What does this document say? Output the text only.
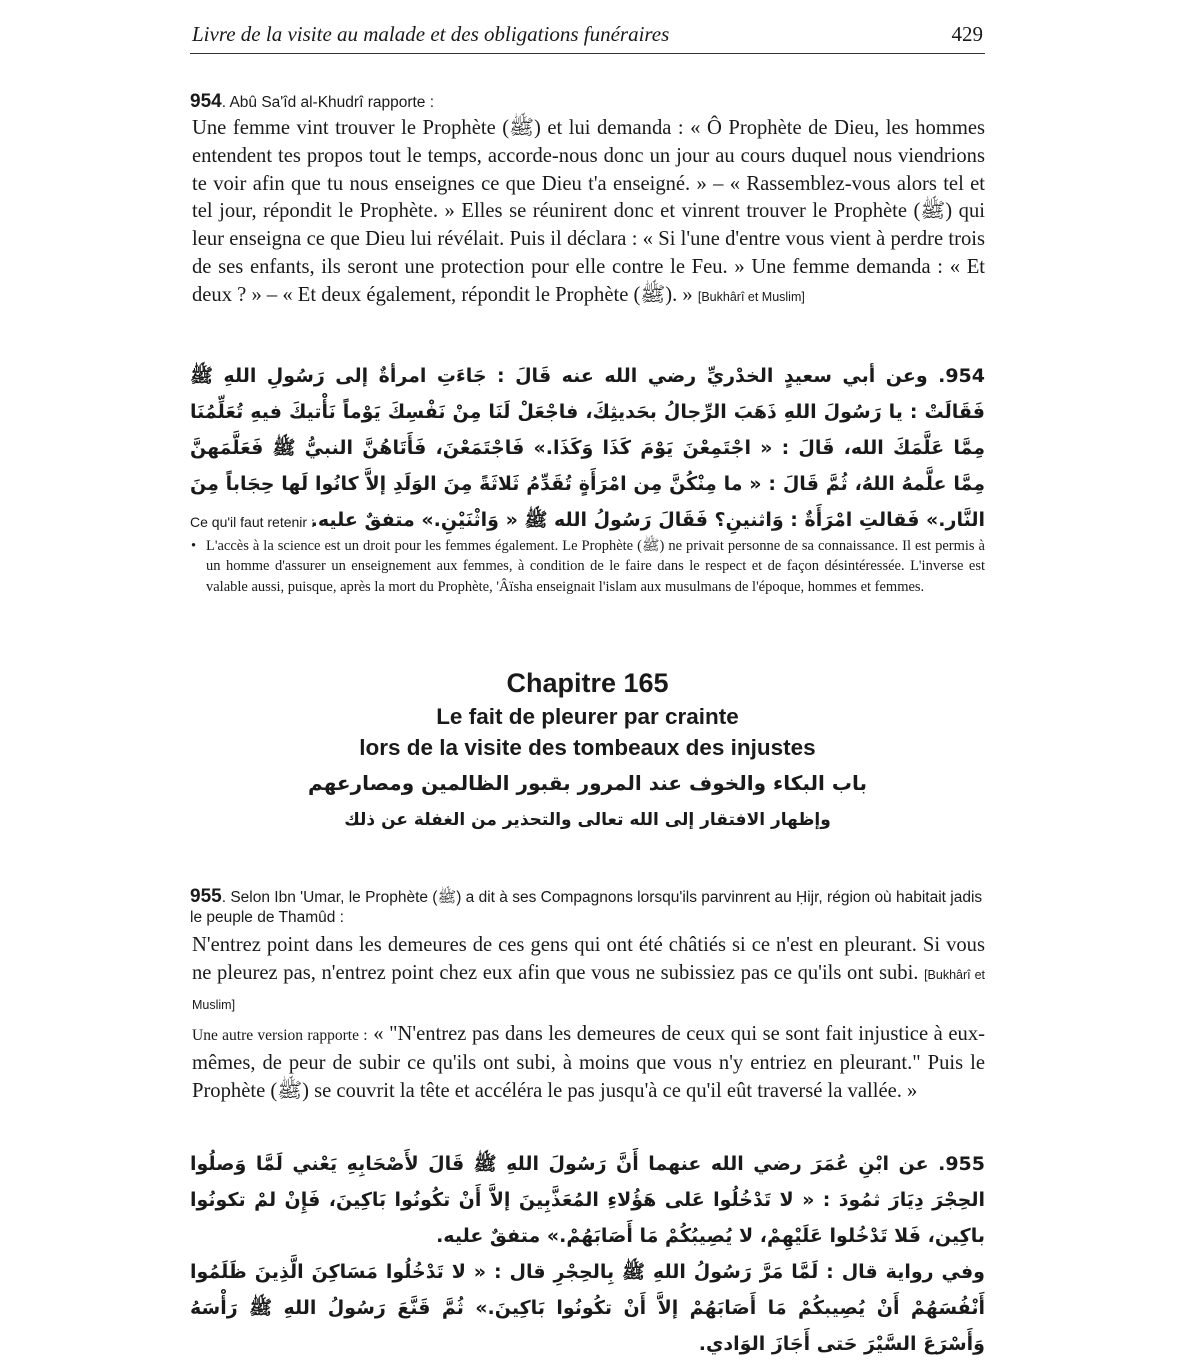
Livre de la visite au malade et des obligations funéraires	429
954. Abû Sa'îd al-Khudrî rapporte :
Une femme vint trouver le Prophète (ﷺ) et lui demanda : « Ô Prophète de Dieu, les hommes entendent tes propos tout le temps, accorde-nous donc un jour au cours duquel nous viendrions te voir afin que tu nous enseignes ce que Dieu t'a enseigné. » – « Rassemblez-vous alors tel et tel jour, répondit le Prophète. » Elles se réunirent donc et vinrent trouver le Prophète (ﷺ) qui leur enseigna ce que Dieu lui révélait. Puis il déclara : « Si l'une d'entre vous vient à perdre trois de ses enfants, ils seront une protection pour elle contre le Feu. » Une femme demanda : « Et deux ? » – « Et deux également, répondit le Prophète (ﷺ). » [Bukhârî et Muslim]
954. وعن أبي سعيدٍ الخدْريِّ رضي الله عنه قَالَ : جَاءَتِ امرأةٌ إلى رَسُولِ اللهِ ﷺ فَقَالَتْ : يا رَسُولَ اللهِ ذَهَبَ الرِّجالُ بحَديثِكَ، فاجْعَلْ لَنَا مِنْ نَفْسِكَ يَوْماً نَأْتيكَ فيهِ تُعَلِّمُنَا مِمَّا عَلَّمَكَ الله، قَالَ : « اجْتَمِعْنَ يَوْمَ كَذَا وَكَذَا.» فَاجْتَمَعْنَ، فَأَتَاهُنَّ النبيُّ ﷺ فَعَلَّمَهنَّ مِمَّا علَّمهُ اللهُ، ثُمَّ قَالَ : « ما مِنْكُنَّ مِن امْرَأَةٍ تُقَدِّمُ ثَلاثَةً مِنَ الوَلَدِ إلاَّ كانُوا لَها حِجَاباً مِنَ النَّار.» فَقالتِ امْرَأَةٌ : وَاثنينِ؟ فَقَالَ رَسُولُ الله ﷺ « وَاثْنَيْنِ.» متفقٌ عليه.
Ce qu'il faut retenir :
• L'accès à la science est un droit pour les femmes également. Le Prophète (ﷺ) ne privait personne de sa connaissance. Il est permis à un homme d'assurer un enseignement aux femmes, à condition de le faire dans le respect et de façon désintéressée. L'inverse est valable aussi, puisque, après la mort du Prophète, 'Âïsha enseignait l'islam aux musulmans de l'époque, hommes et femmes.
Chapitre 165
Le fait de pleurer par crainte
lors de la visite des tombeaux des injustes
باب البكاء والخوف عند المرور بقبور الظالمين ومصارعهم
وإظهار الافتقار إلى الله تعالى والتحذير من الغفلة عن ذلك
955. Selon Ibn 'Umar, le Prophète (ﷺ) a dit à ses Compagnons lorsqu'ils parvinrent au Ḥijr, région où habitait jadis le peuple de Thamûd :
N'entrez point dans les demeures de ces gens qui ont été châtiés si ce n'est en pleurant. Si vous ne pleurez pas, n'entrez point chez eux afin que vous ne subissiez pas ce qu'ils ont subi. [Bukhârî et Muslim]
Une autre version rapporte : « "N'entrez pas dans les demeures de ceux qui se sont fait injustice à eux-mêmes, de peur de subir ce qu'ils ont subi, à moins que vous n'y entriez en pleurant." Puis le Prophète (ﷺ) se couvrit la tête et accéléra le pas jusqu'à ce qu'il eût traversé la vallée. »
955. عن ابْنِ عُمَرَ رضي الله عنهما أَنَّ رَسُولَ اللهِ ﷺ قَالَ لأَصْحَابِهِ يَعْني لَمَّا وَصلُوا الحِجْرَ دِيَارَ ثمُودَ : « لا تَدْخُلُوا عَلى هَؤُلاءِ المُعَذَّبِينَ إلاَّ أَنْ تكُونُوا بَاكِينَ، فَإِنْ لمْ تكونُوا باكِين، فَلا تَدْخُلوا عَلَيْهِمْ، لا يُصِيبُكُمْ مَا أَصَابَهُمْ.» متفقٌ عليه.
وفي رواية قال : لَمَّا مَرَّ رَسُولُ اللهِ ﷺ بِالحِجْرِ قال : « لا تَدْخُلُوا مَسَاكِنَ الَّذِينَ ظَلَمُوا أَنْفُسَهُمْ أَنْ يُصِيبكُمْ مَا أَصَابَهُمْ إلاَّ أَنْ تكُونُوا بَاكِينَ.» ثُمَّ قَنَّعَ رَسُولُ اللهِ ﷺ رَأْسَهُ وَأَسْرَعَ السَّيْرَ حَتى أَجَازَ الوَادي.
